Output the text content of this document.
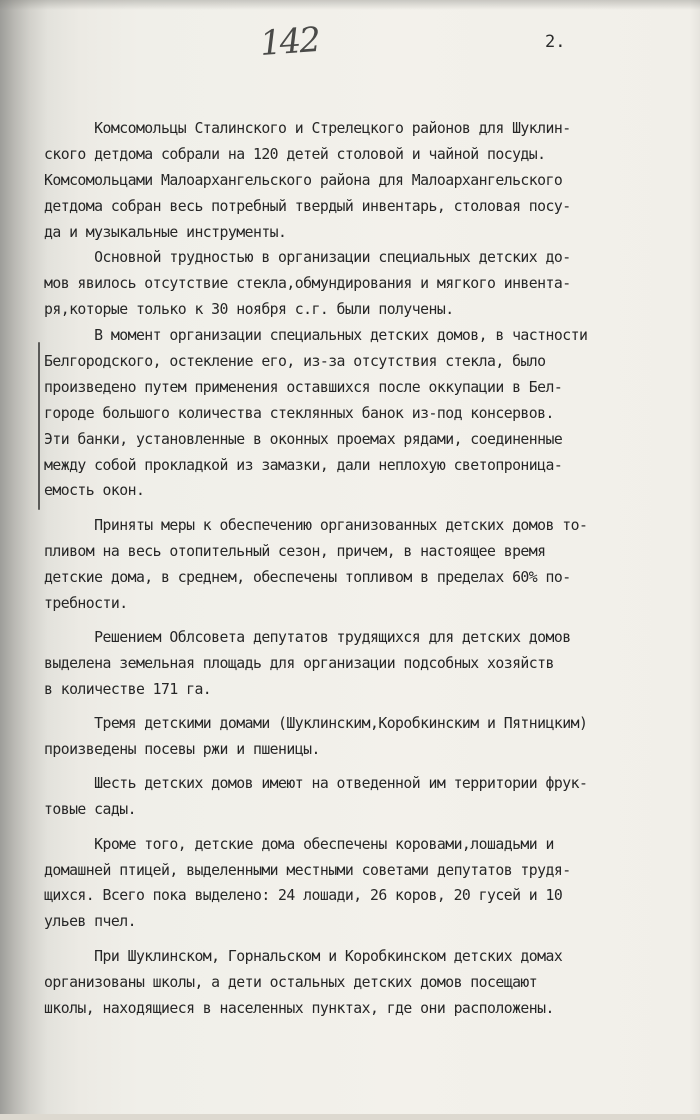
142	2.
Комсомольцы Сталинского и Стрелецкого районов для Шуклин-
ского детдома собрали на 120 детей столовой и чайной посуды.
Комсомольцами Малоархангельского района для Малоархангельского
детдома собран весь потребный твердый инвентарь, столовая посу-
да и музыкальные инструменты.
Основной трудностью в организации специальных детских до-
мов явилось отсутствие стекла,обмундирования и мягкого инвента-
ря,которые только к 30 ноября с.г. были получены.
В момент организации специальных детских домов, в частности
Белгородского, остекление его, из-за отсутствия стекла, было
произведено путем применения оставшихся после оккупации в Бел-
городе большого количества стеклянных банок из-под консервов.
Эти банки, установленные в оконных проемах рядами, соединенные
между собой прокладкой из замазки, дали неплохую светопроница-
емость окон.
Приняты меры к обеспечению организованных детских домов то-
пливом на весь отопительный сезон, причем, в настоящее время
детские дома, в среднем, обеспечены топливом в пределах 60% по-
требности.
Решением Облсовета депутатов трудящихся для детских домов
выделена земельная площадь для организации подсобных хозяйств
в количестве 171 га.
Тремя детскими домами (Шуклинским,Коробкинским и Пятницким)
произведены посевы ржи и пшеницы.
Шесть детских домов имеют на отведенной им территории фрук-
товые сады.
Кроме того, детские дома обеспечены коровами,лошадьми и
домашней птицей, выделенными местными советами депутатов трудя-
щихся. Всего пока выделено: 24 лошади, 26 коров, 20 гусей и 10
ульев пчел.
При Шуклинском, Горнальском и Коробкинском детских домах
организованы школы, а дети остальных детских домов посещают
школы, находящиеся в населенных пунктах, где они расположены.
